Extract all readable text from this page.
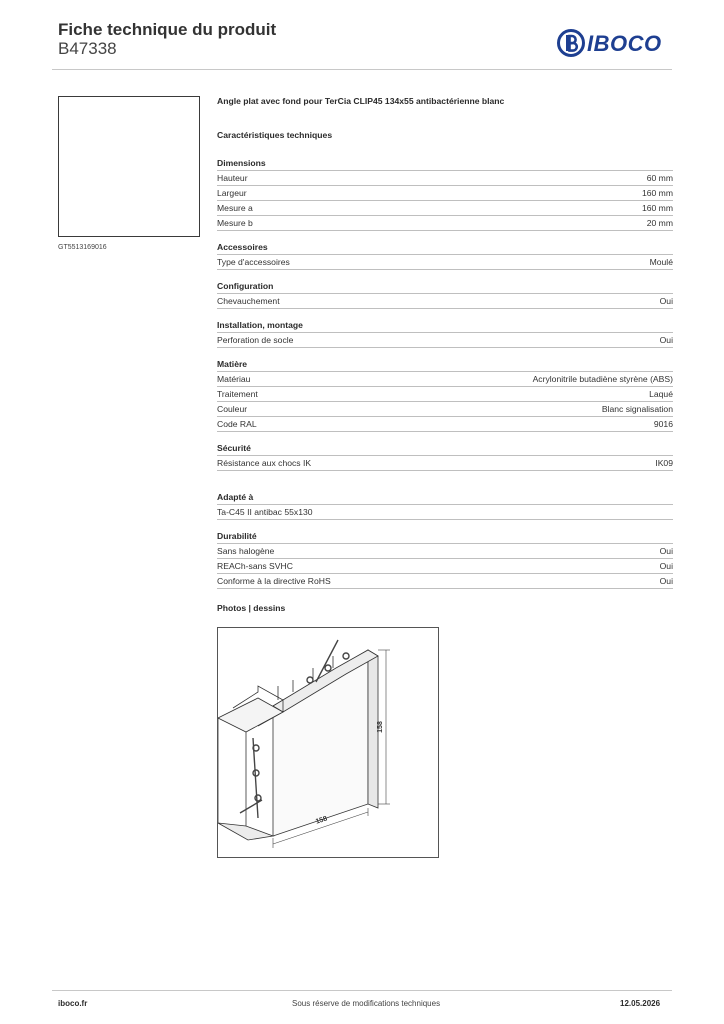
Fiche technique du produit
B47338	IBOCO
GT5513169016
Angle plat avec fond pour TerCia CLIP45 134x55 antibactérienne blanc
Caractéristiques techniques
Dimensions
Hauteur	60 mm
Largeur	160 mm
Mesure a	160 mm
Mesure b	20 mm
Accessoires
Type d'accessoires	Moulé
Configuration
Chevauchement	Oui
Installation, montage
Perforation de socle	Oui
Matière
Matériau	Acrylonitrile butadiène styrène (ABS)
Traitement	Laqué
Couleur	Blanc signalisation
Code RAL	9016
Sécurité
Résistance aux chocs IK	IK09
Adapté à
Ta-C45 II antibac 55x130
Durabilité
Sans halogène	Oui
REACh-sans SVHC	Oui
Conforme à la directive RoHS	Oui
Photos | dessins
158
158
iboco.fr	Sous réserve de modifications techniques	12.05.2026
